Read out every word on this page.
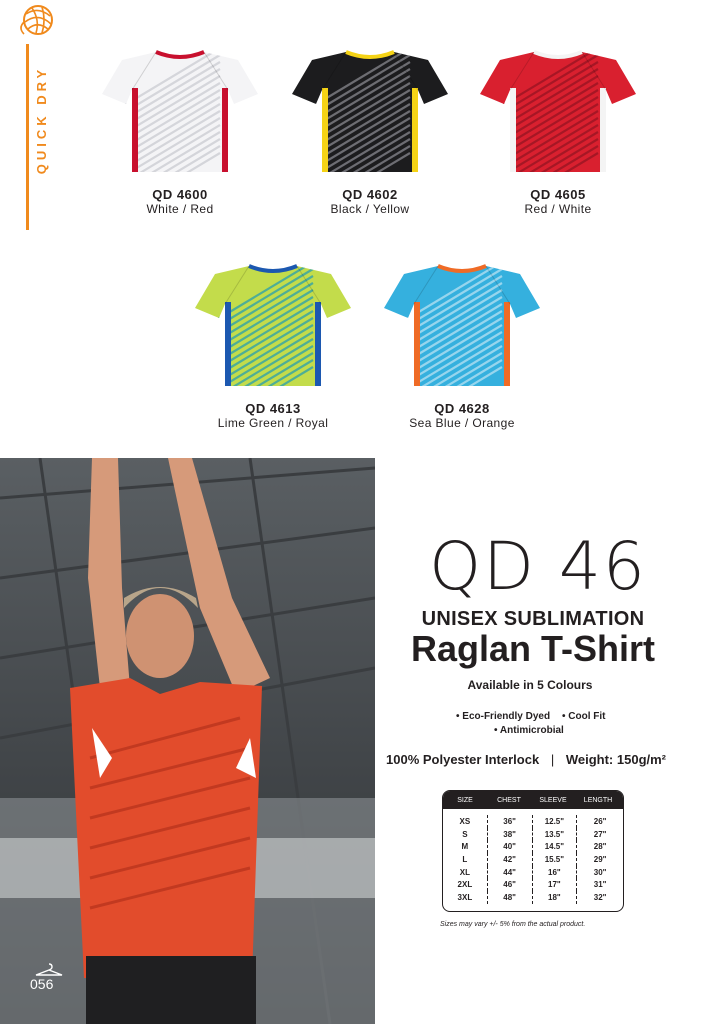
QUICK DRY
QD 4600
White / Red
QD 4602
Black / Yellow
QD 4605
Red / White
QD 4613
Lime Green / Royal
QD 4628
Sea Blue / Orange
056
QD 46
UNISEX SUBLIMATION
Raglan T-Shirt
Available in 5 Colours
• Eco-Friendly Dyed • Cool Fit
• Antimicrobial
100% Polyester Interlock | Weight: 150g/m²
SIZE	CHEST	SLEEVE	LENGTH
XS	36"	12.5"	26"
S	38"	13.5"	27"
M	40"	14.5"	28"
L	42"	15.5"	29"
XL	44"	16"	30"
2XL	46"	17"	31"
3XL	48"	18"	32"
Sizes may vary +/- 5% from the actual product.
